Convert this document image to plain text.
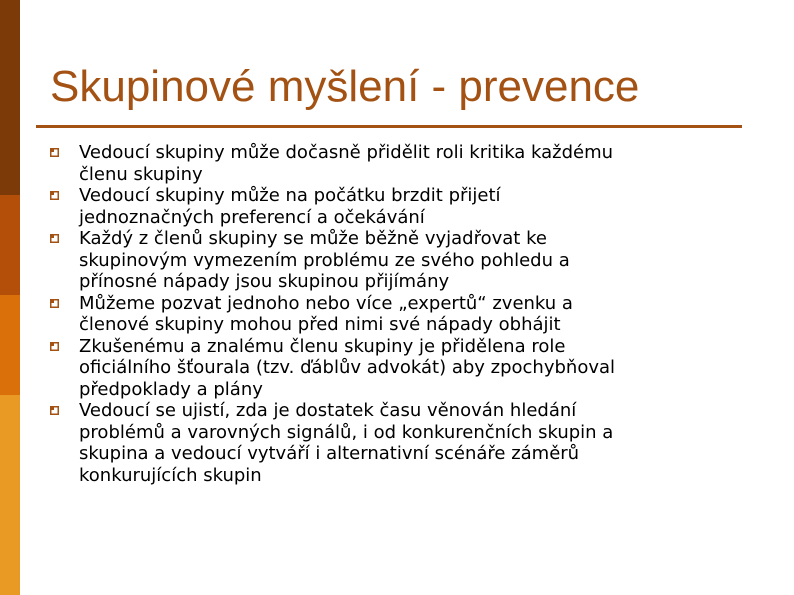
Skupinové myšlení - prevence
Vedoucí skupiny může dočasně přidělit roli kritika každému
členu skupiny
Vedoucí skupiny může na počátku brzdit přijetí
jednoznačných preferencí a očekávání
Každý z členů skupiny se může běžně vyjadřovat ke
skupinovým vymezením problému ze svého pohledu a
přínosné nápady jsou skupinou přijímány
Můžeme pozvat jednoho nebo více „expertů“ zvenku a
členové skupiny mohou před nimi své nápady obhájit
Zkušenému a znalému členu skupiny je přidělena role
oficiálního šťourala (tzv. ďáblův advokát) aby zpochybňoval
předpoklady a plány
Vedoucí se ujistí, zda je dostatek času věnován hledání
problémů a varovných signálů, i od konkurenčních skupin a
skupina a vedoucí vytváří i alternativní scénáře záměrů
konkurujících skupin
